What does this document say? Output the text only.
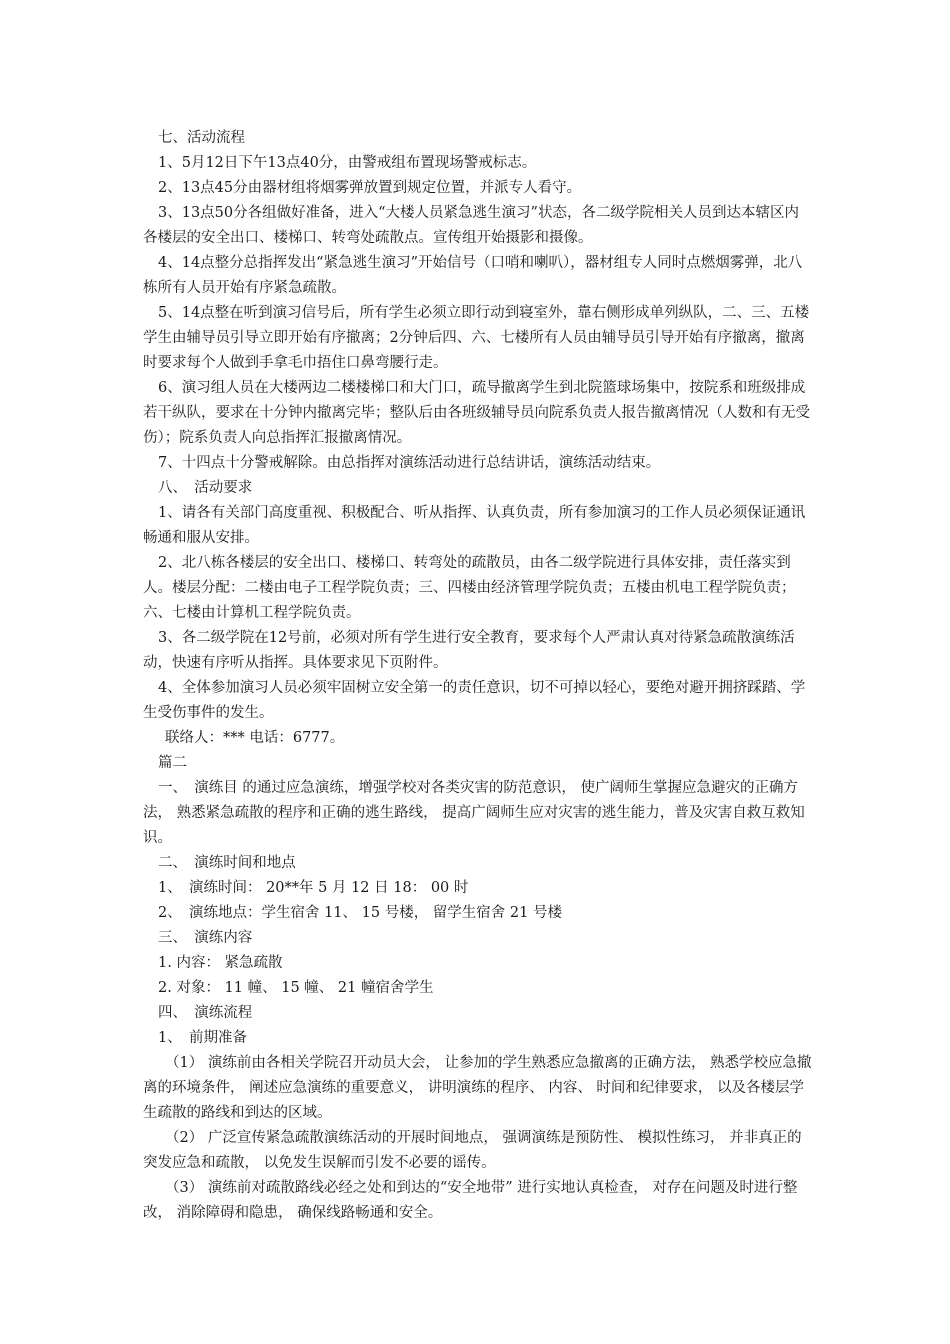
七、活动流程

1、5月12日下午13点40分，由警戒组布置现场警戒标志。

2、13点45分由器材组将烟雾弹放置到规定位置，并派专人看守。

3、13点50分各组做好准备，进入“大楼人员紧急逃生演习”状态，各二级学院相关人员到达本辖区内各楼层的安全出口、楼梯口、转弯处疏散点。宣传组开始摄影和摄像。

4、14点整分总指挥发出“紧急逃生演习”开始信号（口哨和喇叭），器材组专人同时点燃烟雾弹，北八栋所有人员开始有序紧急疏散。

5、14点整在听到演习信号后，所有学生必须立即行动到寝室外，靠右侧形成单列纵队，二、三、五楼学生由辅导员引导立即开始有序撤离；2分钟后四、六、七楼所有人员由辅导员引导开始有序撤离，撤离时要求每个人做到手拿毛巾捂住口鼻弯腰行走。

6、演习组人员在大楼两边二楼楼梯口和大门口，疏导撤离学生到北院篮球场集中，按院系和班级排成若干纵队，要求在十分钟内撤离完毕；整队后由各班级辅导员向院系负责人报告撤离情况（人数和有无受伤）；院系负责人向总指挥汇报撤离情况。

7、十四点十分警戒解除。由总指挥对演练活动进行总结讲话，演练活动结束。

八、　活动要求

1、请各有关部门高度重视、积极配合、听从指挥、认真负责，所有参加演习的工作人员必须保证通讯畅通和服从安排。

2、北八栋各楼层的安全出口、楼梯口、转弯处的疏散员，由各二级学院进行具体安排，责任落实到人。楼层分配：二楼由电子工程学院负责；三、四楼由经济管理学院负责；五楼由机电工程学院负责；六、七楼由计算机工程学院负责。

3、各二级学院在12号前，必须对所有学生进行安全教育，要求每个人严肃认真对待紧急疏散演练活动，快速有序听从指挥。具体要求见下页附件。

4、全体参加演习人员必须牢固树立安全第一的责任意识，切不可掉以轻心，要绝对避开拥挤踩踏、学生受伤事件的发生。

联络人：*** 电话：6777。

篇二

一、　演练目 的通过应急演练，增强学校对各类灾害的防范意识， 使广阔师生掌握应急避灾的正确方法， 熟悉紧急疏散的程序和正确的逃生路线， 提高广阔师生应对灾害的逃生能力，普及灾害自救互救知识。

二、　演练时间和地点

1、　演练时间： 20**年 5 月 12 日 18： 00 时

2、　演练地点：学生宿舍 11、 15 号楼， 留学生宿舍 21 号楼

三、　演练内容

1. 内容： 紧急疏散

2. 对象： 11 幢、 15 幢、 21 幢宿舍学生

四、　演练流程

1、　前期准备

（1） 演练前由各相关学院召开动员大会， 让参加的学生熟悉应急撤离的正确方法， 熟悉学校应急撤离的环境条件， 阐述应急演练的重要意义， 讲明演练的程序、 内容、 时间和纪律要求， 以及各楼层学生疏散的路线和到达的区域。

（2） 广泛宣传紧急疏散演练活动的开展时间地点， 强调演练是预防性、 模拟性练习， 并非真正的突发应急和疏散， 以免发生误解而引发不必要的谣传。

（3） 演练前对疏散路线必经之处和到达的“安全地带” 进行实地认真检查， 对存在问题及时进行整改， 消除障碍和隐患， 确保线路畅通和安全。
